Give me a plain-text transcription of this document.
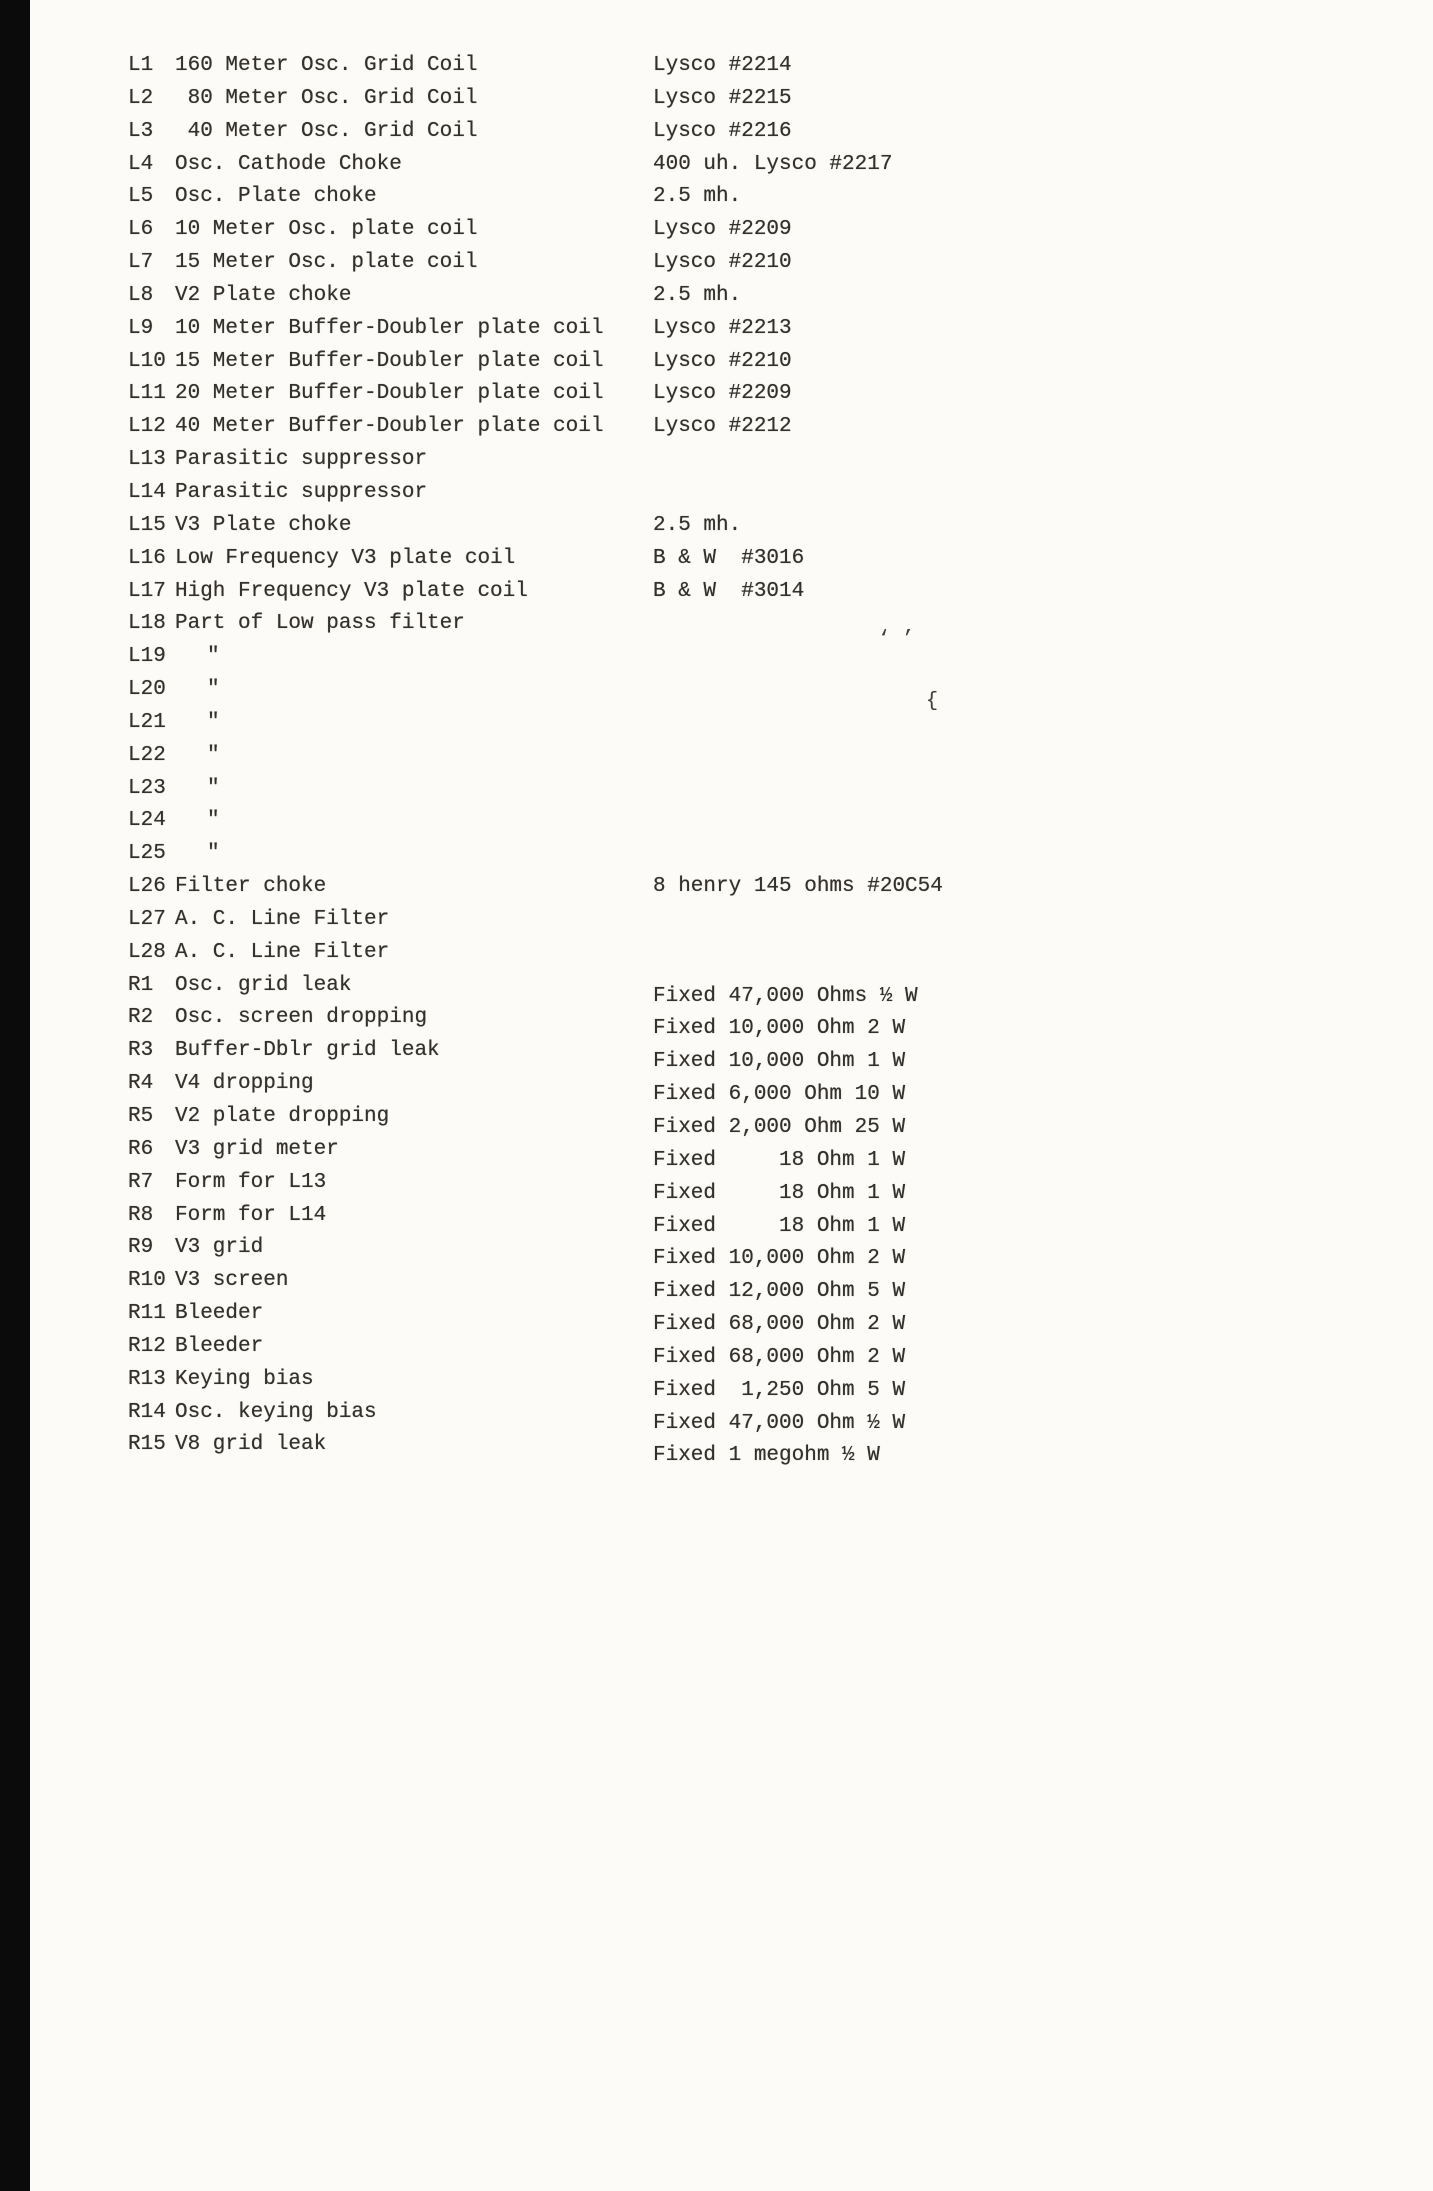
L1	160 Meter Osc. Grid Coil	Lysco #2214
L2	80 Meter Osc. Grid Coil	Lysco #2215
L3	40 Meter Osc. Grid Coil	Lysco #2216
L4	Osc. Cathode Choke	400 uh. Lysco #2217
L5	Osc. Plate choke	2.5 mh.
L6	10 Meter Osc. plate coil	Lysco #2209
L7	15 Meter Osc. plate coil	Lysco #2210
L8	V2 Plate choke	2.5 mh.
L9	10 Meter Buffer-Doubler plate coil	Lysco #2213
L10 15 Meter Buffer-Doubler plate coil	Lysco #2210
L11 20 Meter Buffer-Doubler plate coil	Lysco #2209
L12 40 Meter Buffer-Doubler plate coil	Lysco #2212
L13 Parasitic suppressor
L14 Parasitic suppressor
L15 V3 Plate choke	2.5 mh.
L16 Low Frequency V3 plate coil	B & W  #3016
L17 High Frequency V3 plate coil	B & W  #3014
L18 Part of Low pass filter
L19	"
L20	"
L21	"
L22	"
L23	"
L24	"
L25	"
L26 Filter choke	8 henry 145 ohms #20C54
L27 A. C. Line Filter
L28 A. C. Line Filter
R1	Osc. grid leak	Fixed 47,000 Ohms ½ W
R2	Osc. screen dropping	Fixed 10,000 Ohm 2 W
R3	Buffer-Dblr grid leak	Fixed 10,000 Ohm 1 W
R4	V4 dropping	Fixed 6,000 Ohm 10 W
R5	V2 plate dropping	Fixed 2,000 Ohm 25 W
R6	V3 grid meter	Fixed     18 Ohm 1 W
R7	Form for L13	Fixed     18 Ohm 1 W
R8	Form for L14	Fixed     18 Ohm 1 W
R9	V3 grid	Fixed 10,000 Ohm 2 W
R10 V3 screen	Fixed 12,000 Ohm 5 W
R11 Bleeder	Fixed 68,000 Ohm 2 W
R12 Bleeder	Fixed 68,000 Ohm 2 W
R13 Keying bias	Fixed  1,250 Ohm 5 W
R14 Osc. keying bias	Fixed 47,000 Ohm ½ W
R15 V8 grid leak	Fixed 1 megohm ½ W
‘ ’
{
